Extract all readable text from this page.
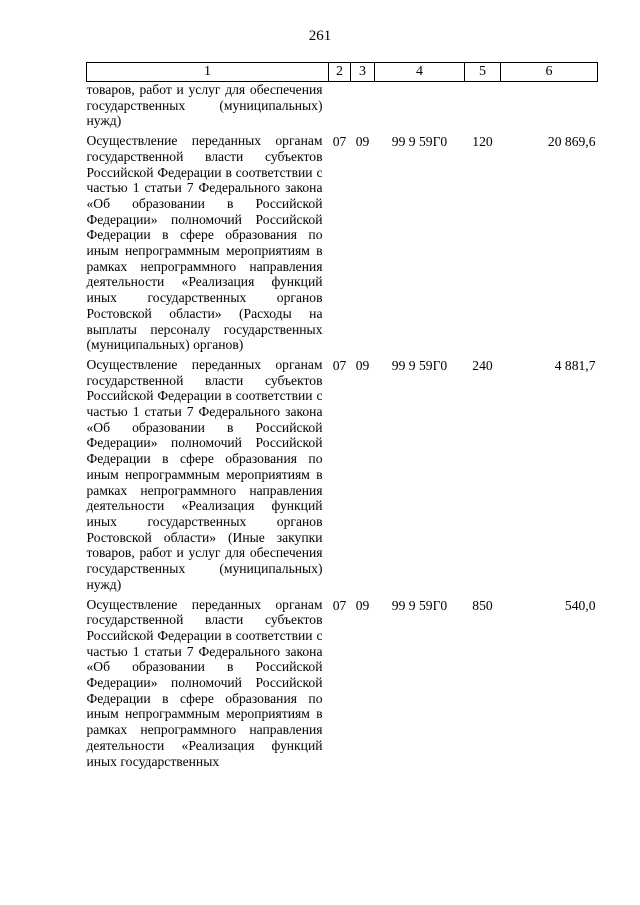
261
1	2	3	4	5	6
товаров, работ и услуг для обеспечения государственных (муниципальных) нужд)					
Осуществление переданных органам государственной власти субъектов Российской Федерации в соответствии с частью 1 статьи 7 Федерального закона «Об образовании в Российской Федерации» полномочий Российской Федерации в сфере образования по иным непрограммным мероприятиям в рамках непрограммного направления деятельности «Реализация функций иных государственных органов Ростовской области» (Расходы на выплаты персоналу государственных (муниципальных) органов)	07	09	99 9 59Г0	120	20 869,6
Осуществление переданных органам государственной власти субъектов Российской Федерации в соответствии с частью 1 статьи 7 Федерального закона «Об образовании в Российской Федерации» полномочий Российской Федерации в сфере образования по иным непрограммным мероприятиям в рамках непрограммного направления деятельности «Реализация функций иных государственных органов Ростовской области» (Иные закупки товаров, работ и услуг для обеспечения государственных (муниципальных) нужд)	07	09	99 9 59Г0	240	4 881,7
Осуществление переданных органам государственной власти субъектов Российской Федерации в соответствии с частью 1 статьи 7 Федерального закона «Об образовании в Российской Федерации» полномочий Российской Федерации в сфере образования по иным непрограммным мероприятиям в рамках непрограммного направления деятельности «Реализация функций иных государственных	07	09	99 9 59Г0	850	540,0
